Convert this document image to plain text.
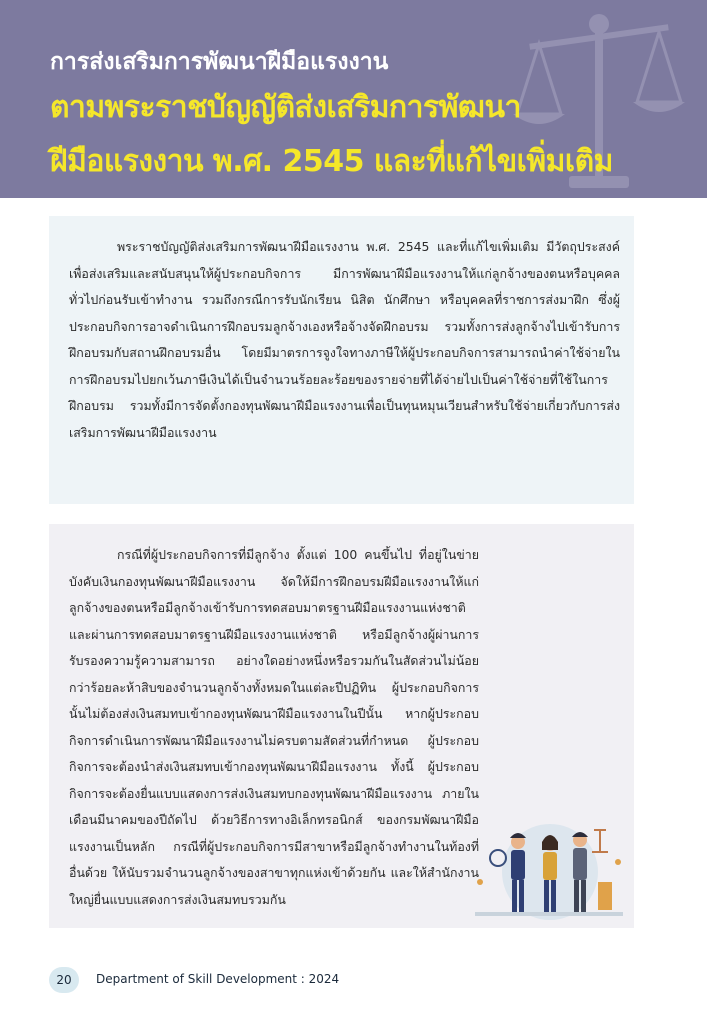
การส่งเสริมการพัฒนาฝีมือแรงงาน
ตามพระราชบัญญัติส่งเสริมการพัฒนา
ฝีมือแรงงาน พ.ศ. 2545 และที่แก้ไขเพิ่มเติม

พระราชบัญญัติส่งเสริมการพัฒนาฝีมือแรงงาน พ.ศ. 2545 และที่แก้ไขเพิ่มเติม มีวัตถุประสงค์ เพื่อส่งเสริมและสนับสนุนให้ผู้ประกอบกิจการ มีการพัฒนาฝีมือแรงงานให้แก่ลูกจ้างของตนหรือบุคคลทั่วไปก่อนรับเข้าทำงาน รวมถึงกรณีการรับนักเรียน นิสิต นักศึกษา หรือบุคคลที่ราชการส่งมาฝึก ซึ่งผู้ประกอบกิจการอาจดำเนินการฝึกอบรมลูกจ้างเองหรือจ้างจัดฝึกอบรม รวมทั้งการส่งลูกจ้างไปเข้ารับการฝึกอบรมกับสถานฝึกอบรมอื่น โดยมีมาตรการจูงใจทางภาษีให้ผู้ประกอบกิจการสามารถนำค่าใช้จ่ายในการฝึกอบรมไปยกเว้นภาษีเงินได้เป็นจำนวนร้อยละร้อยของรายจ่ายที่ได้จ่ายไปเป็นค่าใช้จ่ายที่ใช้ในการฝึกอบรม รวมทั้งมีการจัดตั้งกองทุนพัฒนาฝีมือแรงงานเพื่อเป็นทุนหมุนเวียนสำหรับใช้จ่ายเกี่ยวกับการส่งเสริมการพัฒนาฝีมือแรงงาน

กรณีที่ผู้ประกอบกิจการที่มีลูกจ้าง ตั้งแต่ 100 คนขึ้นไป ที่อยู่ในข่ายบังคับเงินกองทุนพัฒนาฝีมือแรงงาน จัดให้มีการฝึกอบรมฝีมือแรงงานให้แก่ลูกจ้างของตนหรือมีลูกจ้างเข้ารับการทดสอบมาตรฐานฝีมือแรงงานแห่งชาติและผ่านการทดสอบมาตรฐานฝีมือแรงงานแห่งชาติ หรือมีลูกจ้างผู้ผ่านการรับรองความรู้ความสามารถ อย่างใดอย่างหนึ่งหรือรวมกันในสัดส่วนไม่น้อยกว่าร้อยละห้าสิบของจำนวนลูกจ้างทั้งหมดในแต่ละปีปฏิทิน ผู้ประกอบกิจการนั้นไม่ต้องส่งเงินสมทบเข้ากองทุนพัฒนาฝีมือแรงงานในปีนั้น หากผู้ประกอบกิจการดำเนินการพัฒนาฝีมือแรงงานไม่ครบตามสัดส่วนที่กำหนด ผู้ประกอบกิจการจะต้องนำส่งเงินสมทบเข้ากองทุนพัฒนาฝีมือแรงงาน ทั้งนี้ ผู้ประกอบกิจการจะต้องยื่นแบบแสดงการส่งเงินสมทบกองทุนพัฒนาฝีมือแรงงาน ภายในเดือนมีนาคมของปีถัดไป ด้วยวิธีการทางอิเล็กทรอนิกส์ ของกรมพัฒนาฝีมือแรงงานเป็นหลัก กรณีที่ผู้ประกอบกิจการมีสาขาหรือมีลูกจ้างทำงานในท้องที่อื่นด้วย ให้นับรวมจำนวนลูกจ้างของสาขาทุกแห่งเข้าด้วยกัน และให้สำนักงานใหญ่ยื่นแบบแสดงการส่งเงินสมทบรวมกัน

20	Department of Skill Development : 2024
